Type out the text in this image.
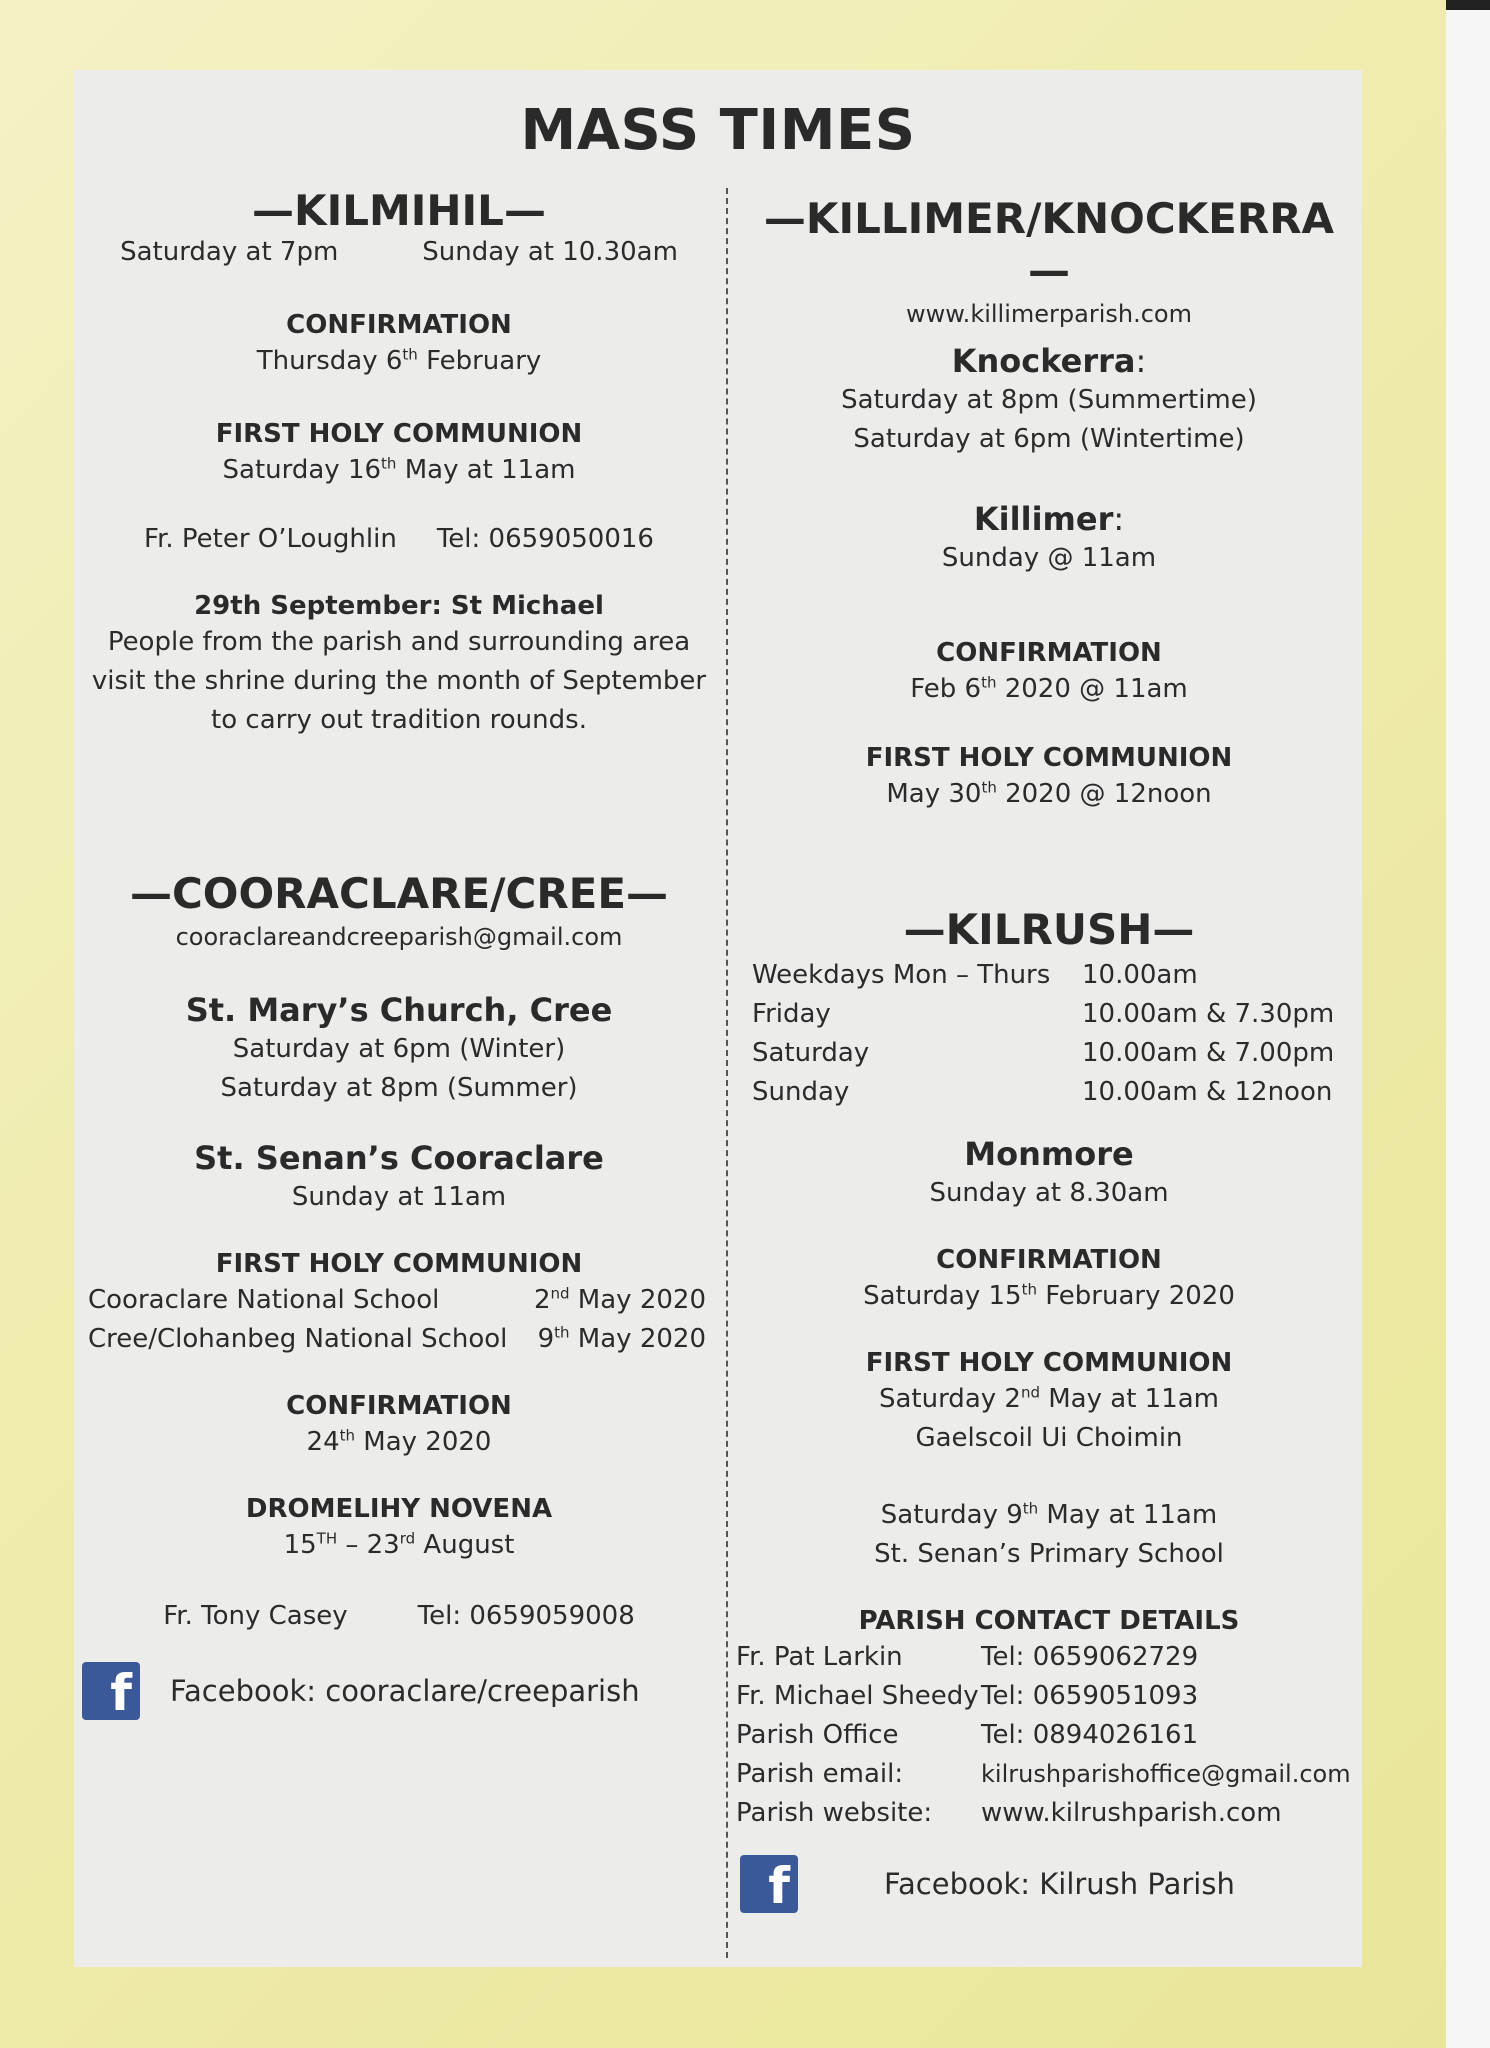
MASS TIMES
—KILMIHIL—
Saturday at 7pm	Sunday at 10.30am
CONFIRMATION
Thursday 6th February
FIRST HOLY COMMUNION
Saturday 16th May at 11am
Fr. Peter O’Loughlin Tel: 0659050016
29th September: St Michael
People from the parish and surrounding area
visit the shrine during the month of September
to carry out tradition rounds.
—COORACLARE/CREE—
cooraclareandcreeparish@gmail.com
St. Mary’s Church, Cree
Saturday at 6pm (Winter)
Saturday at 8pm (Summer)
St. Senan’s Cooraclare
Sunday at 11am
FIRST HOLY COMMUNION
Cooraclare National School	2nd May 2020
Cree/Clohanbeg National School 9th May 2020
CONFIRMATION
24th May 2020
DROMELIHY NOVENA
15TH – 23rd August
Fr. Tony Casey	Tel: 0659059008
f Facebook: cooraclare/creeparish
—KILLIMER/KNOCKERRA—
www.killimerparish.com
Knockerra:
Saturday at 8pm (Summertime)
Saturday at 6pm (Wintertime)
Killimer:
Sunday @ 11am
CONFIRMATION
Feb 6th 2020 @ 11am
FIRST HOLY COMMUNION
May 30th 2020 @ 12noon
—KILRUSH—
Weekdays Mon – Thurs	10.00am
Friday	10.00am & 7.30pm
Saturday	10.00am & 7.00pm
Sunday	10.00am & 12noon
Monmore
Sunday at 8.30am
CONFIRMATION
Saturday 15th February 2020
FIRST HOLY COMMUNION
Saturday 2nd May at 11am
Gaelscoil Ui Choimin
Saturday 9th May at 11am
St. Senan’s Primary School
PARISH CONTACT DETAILS
Fr. Pat Larkin	Tel: 0659062729
Fr. Michael Sheedy Tel: 0659051093
Parish Office	Tel: 0894026161
Parish email:	kilrushparishoffice@gmail.com
Parish website:	www.kilrushparish.com
f	Facebook: Kilrush Parish
